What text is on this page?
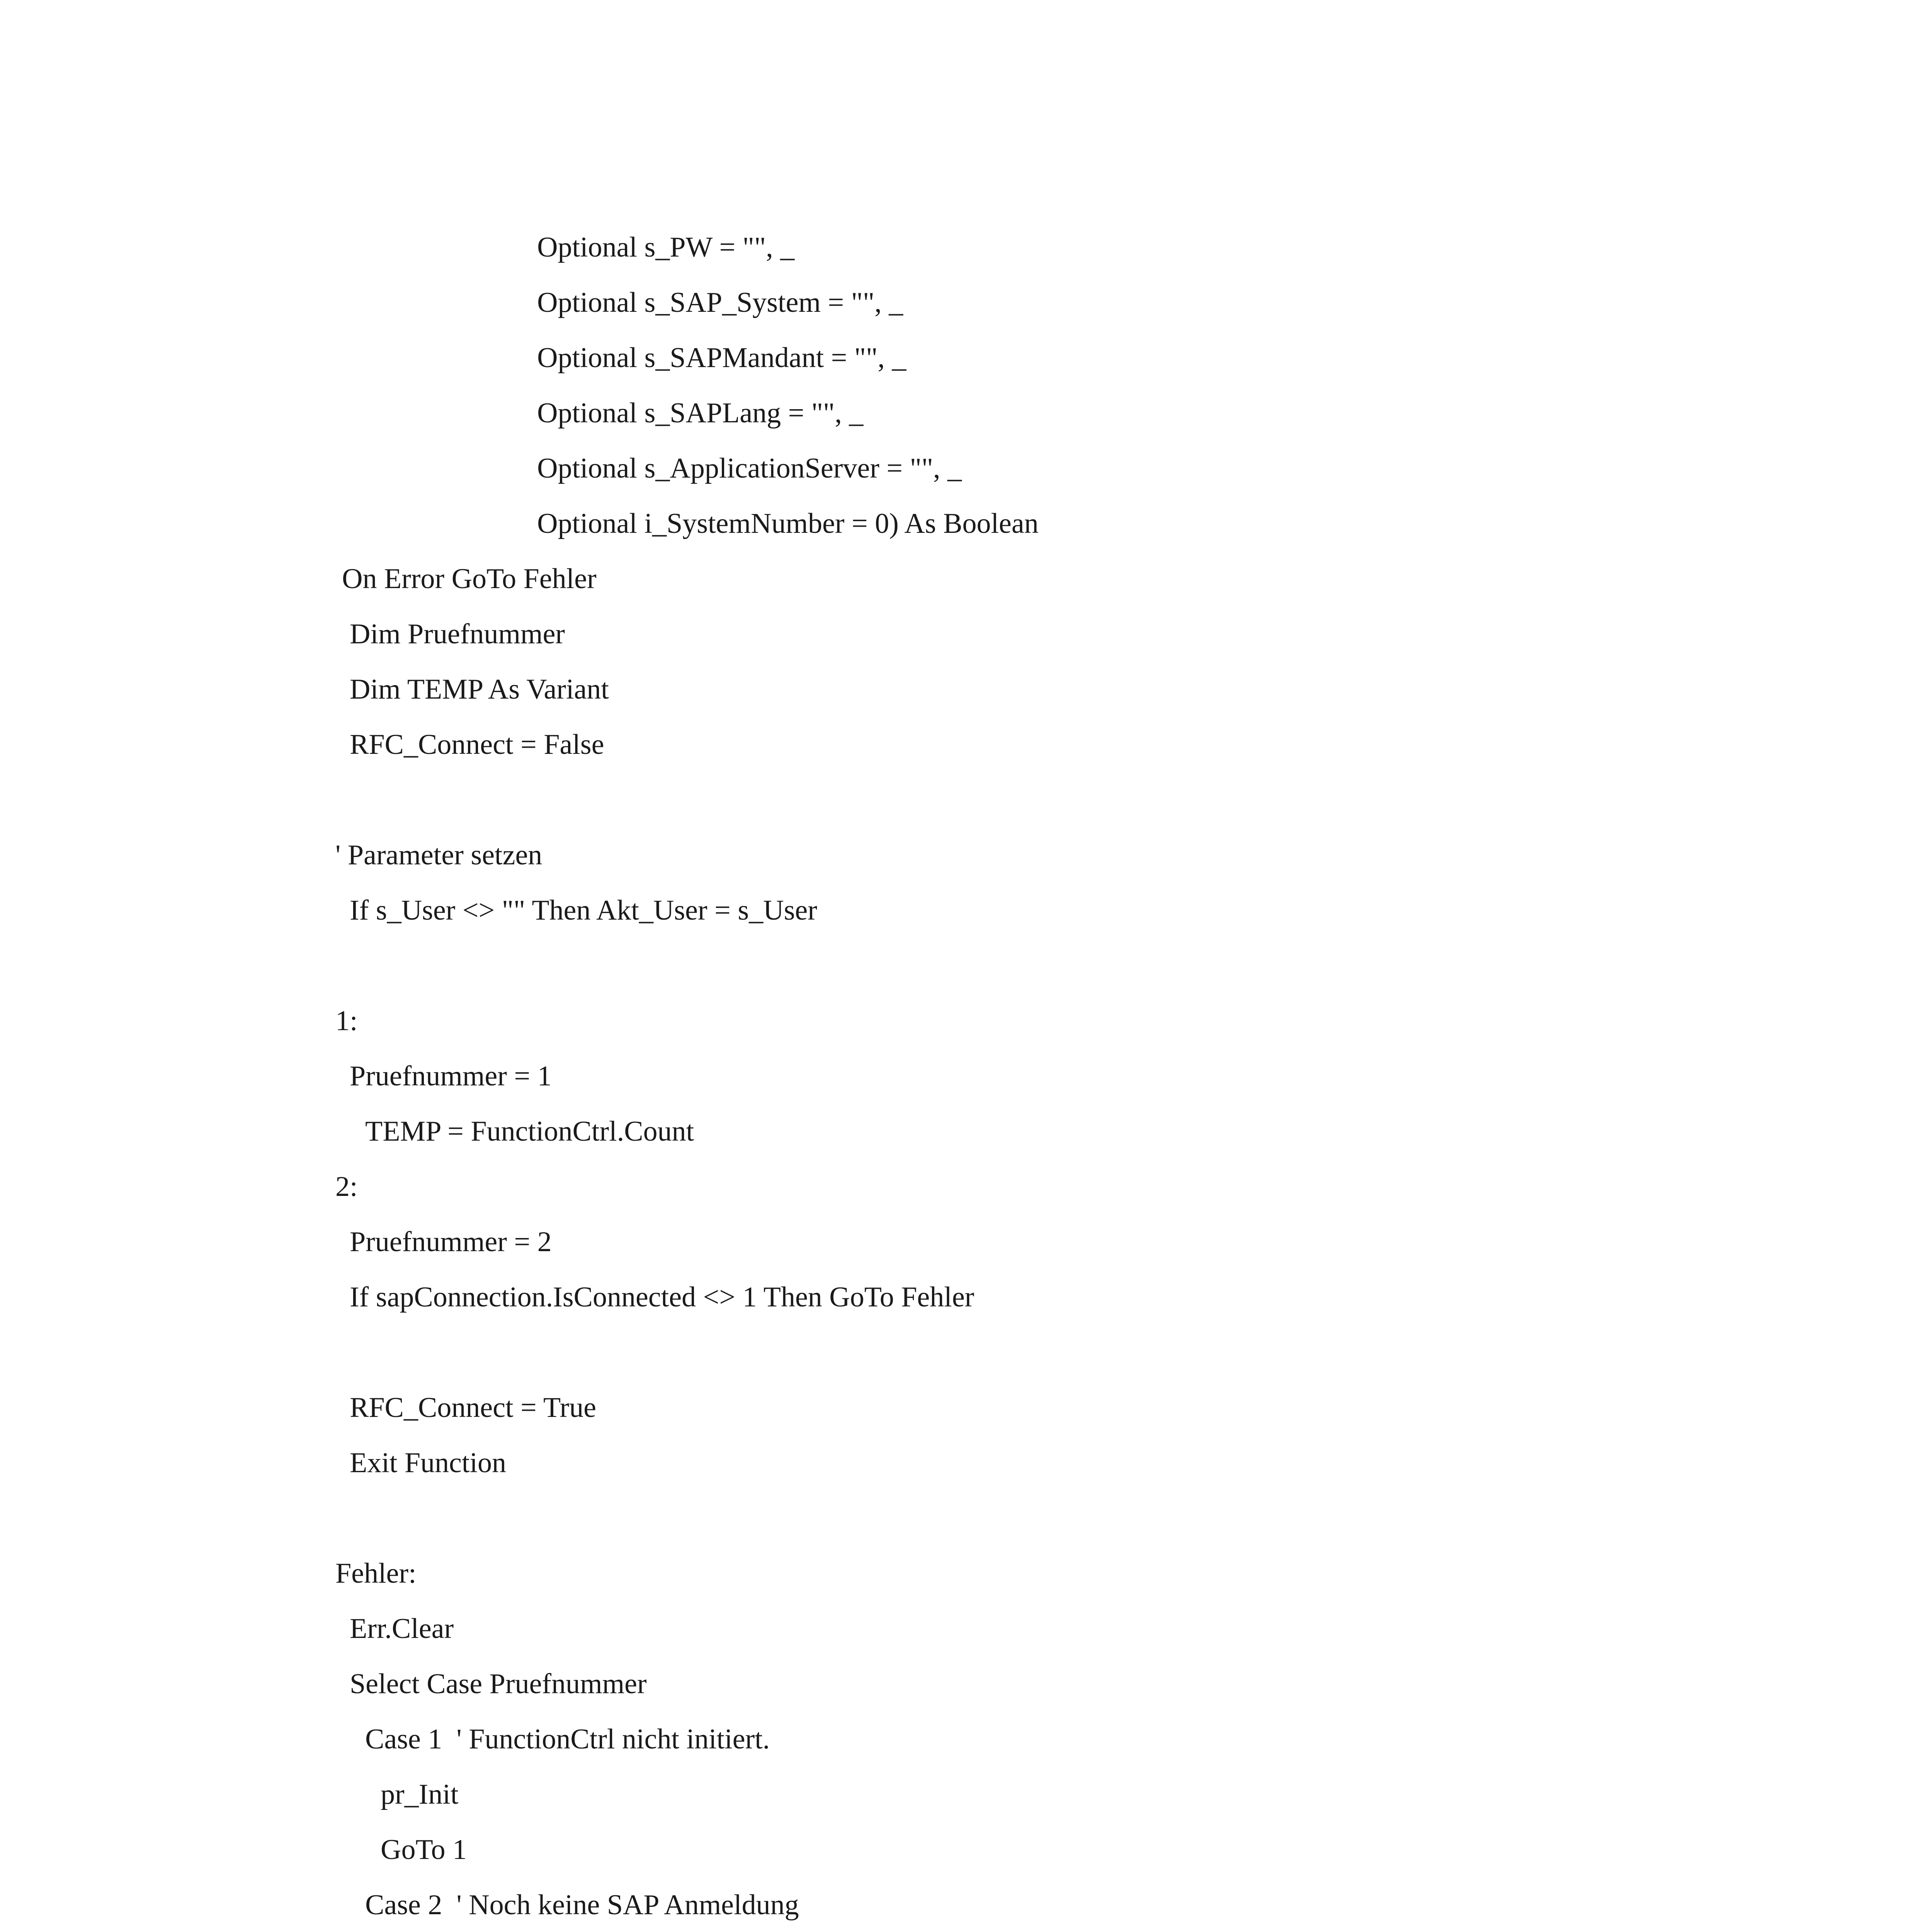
Optional s_PW = "", _

Optional s_SAP_System = "", _

Optional s_SAPMandant = "", _

Optional s_SAPLang = "", _

Optional s_ApplicationServer = "", _

Optional i_SystemNumber = 0) As Boolean

On Error GoTo Fehler

Dim Pruefnummer

Dim TEMP As Variant

RFC_Connect = False

' Parameter setzen

If s_User <> "" Then Akt_User = s_User

1:

Pruefnummer = 1

TEMP = FunctionCtrl.Count

2:

Pruefnummer = 2

If sapConnection.IsConnected <> 1 Then GoTo Fehler

RFC_Connect = True

Exit Function

Fehler:

Err.Clear

Select Case Pruefnummer

Case 1  ' FunctionCtrl nicht initiert.

pr_Init

GoTo 1

Case 2  ' Noch keine SAP Anmeldung
